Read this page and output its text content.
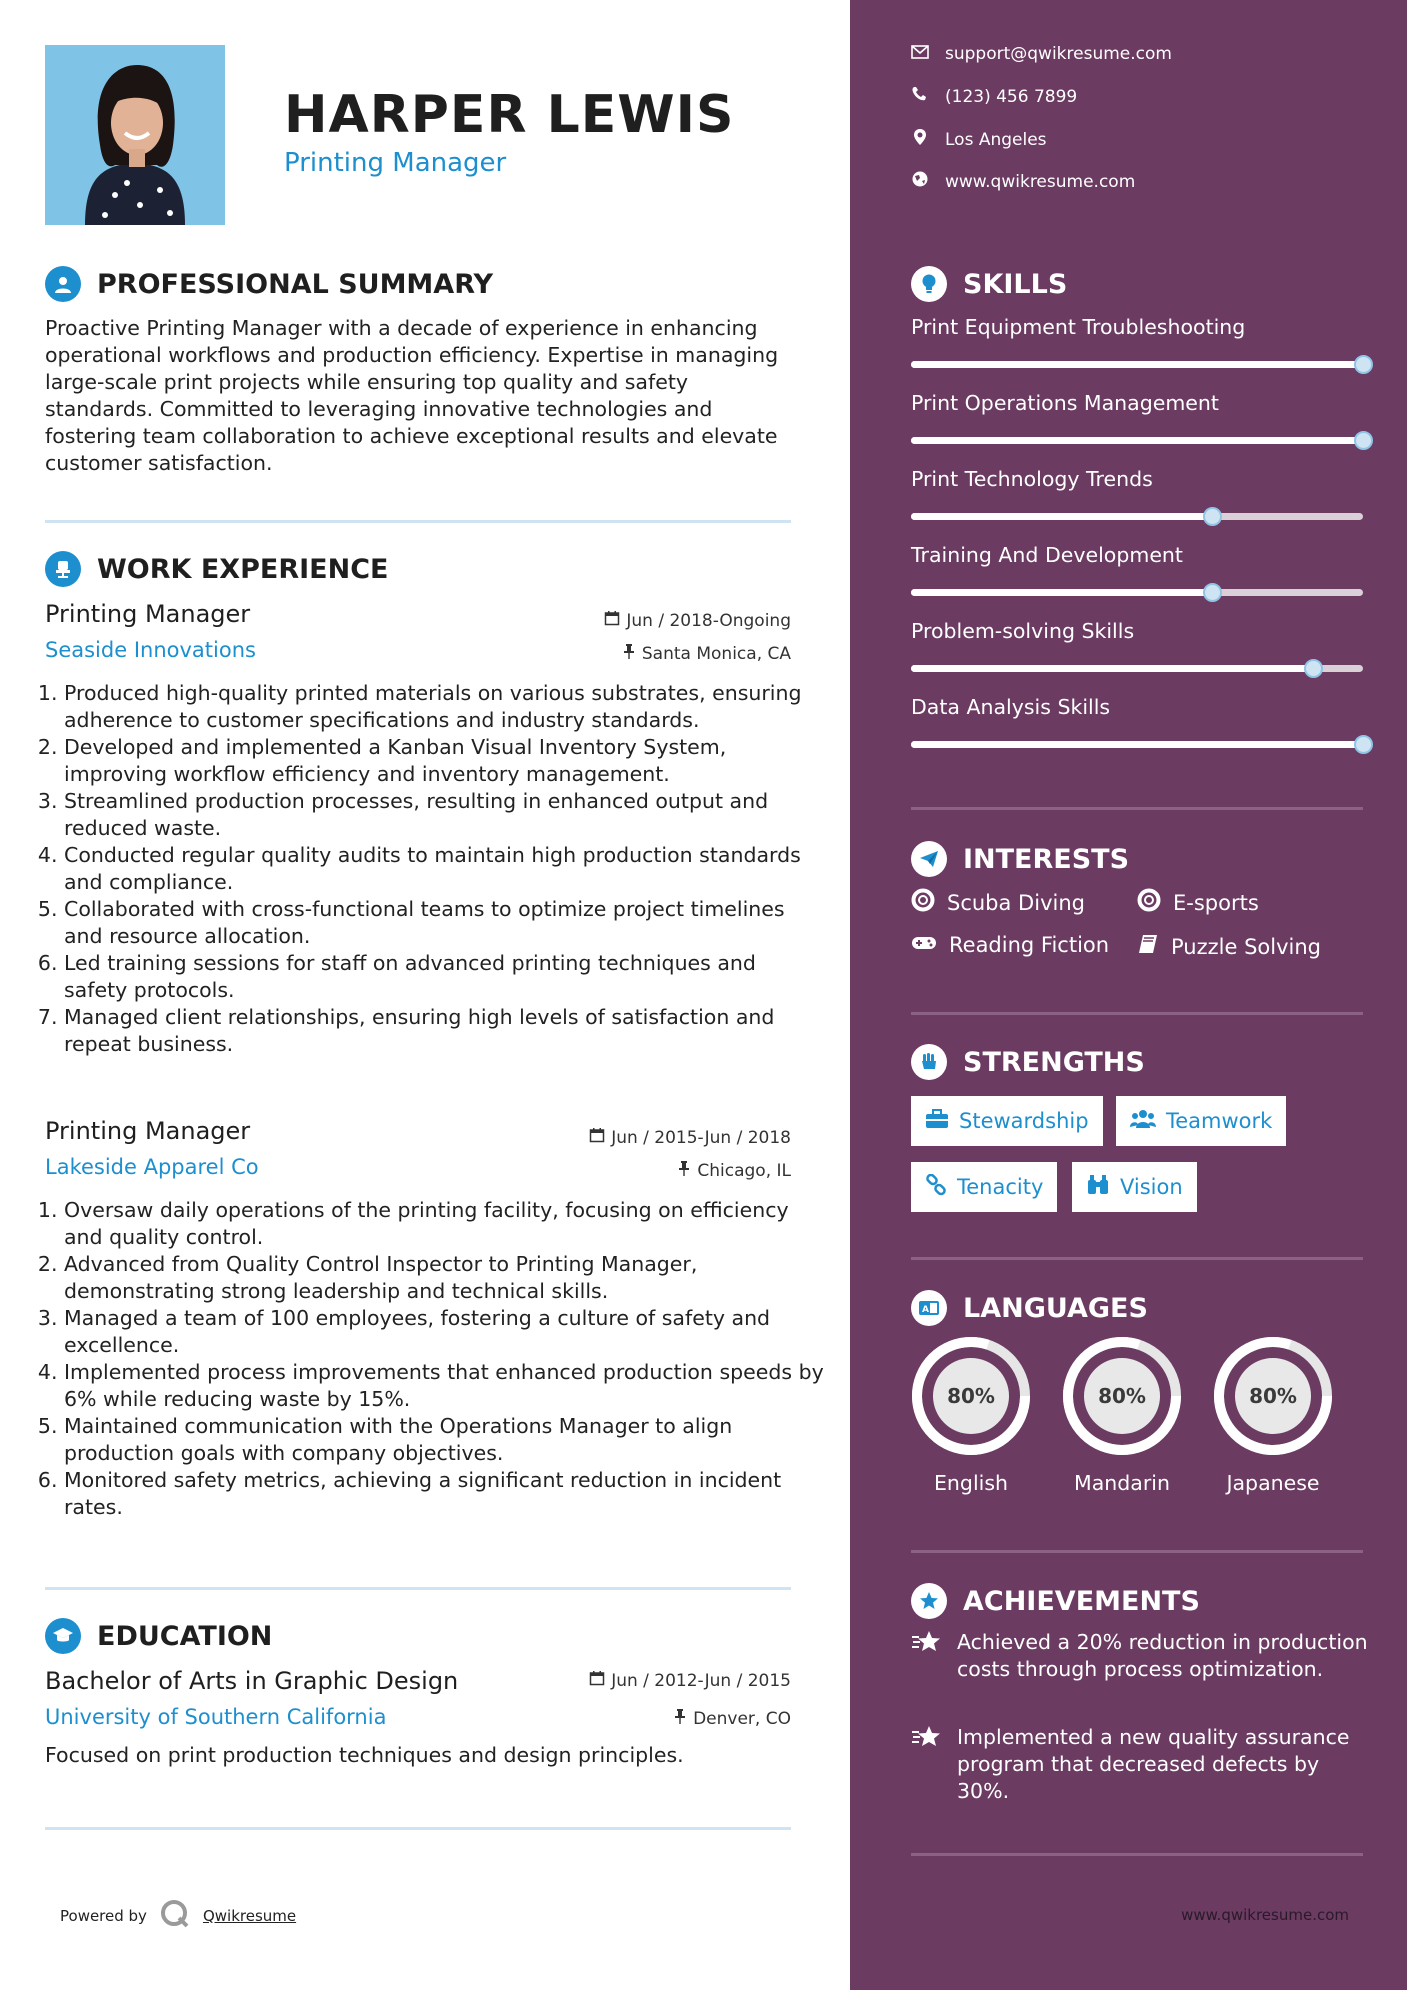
HARPER LEWIS
Printing Manager
PROFESSIONAL SUMMARY
Proactive Printing Manager with a decade of experience in enhancing operational workflows and production efficiency. Expertise in managing large-scale print projects while ensuring top quality and safety standards. Committed to leveraging innovative technologies and fostering team collaboration to achieve exceptional results and elevate customer satisfaction.
WORK EXPERIENCE
Printing Manager
Seaside Innovations
Jun / 2018-Ongoing
Santa Monica, CA
1. Produced high-quality printed materials on various substrates, ensuring adherence to customer specifications and industry standards.
2. Developed and implemented a Kanban Visual Inventory System, improving workflow efficiency and inventory management.
3. Streamlined production processes, resulting in enhanced output and reduced waste.
4. Conducted regular quality audits to maintain high production standards and compliance.
5. Collaborated with cross-functional teams to optimize project timelines and resource allocation.
6. Led training sessions for staff on advanced printing techniques and safety protocols.
7. Managed client relationships, ensuring high levels of satisfaction and repeat business.
Printing Manager
Lakeside Apparel Co
Jun / 2015-Jun / 2018
Chicago, IL
1. Oversaw daily operations of the printing facility, focusing on efficiency and quality control.
2. Advanced from Quality Control Inspector to Printing Manager, demonstrating strong leadership and technical skills.
3. Managed a team of 100 employees, fostering a culture of safety and excellence.
4. Implemented process improvements that enhanced production speeds by 6% while reducing waste by 15%.
5. Maintained communication with the Operations Manager to align production goals with company objectives.
6. Monitored safety metrics, achieving a significant reduction in incident rates.
EDUCATION
Bachelor of Arts in Graphic Design
University of Southern California
Jun / 2012-Jun / 2015
Denver, CO
Focused on print production techniques and design principles.
Powered by	Qwikresume
support@qwikresume.com
(123) 456 7899
Los Angeles
www.qwikresume.com
SKILLS
Print Equipment Troubleshooting
Print Operations Management
Print Technology Trends
Training And Development
Problem-solving Skills
Data Analysis Skills
INTERESTS
Scuba Diving	E-sports
Reading Fiction	Puzzle Solving
STRENGTHS
Stewardship	Teamwork
Tenacity	Vision
A LANGUAGES
80%
English
80%
Mandarin
80%
Japanese
ACHIEVEMENTS
Achieved a 20% reduction in production costs through process optimization.
Implemented a new quality assurance program that decreased defects by 30%.
www.qwikresume.com
